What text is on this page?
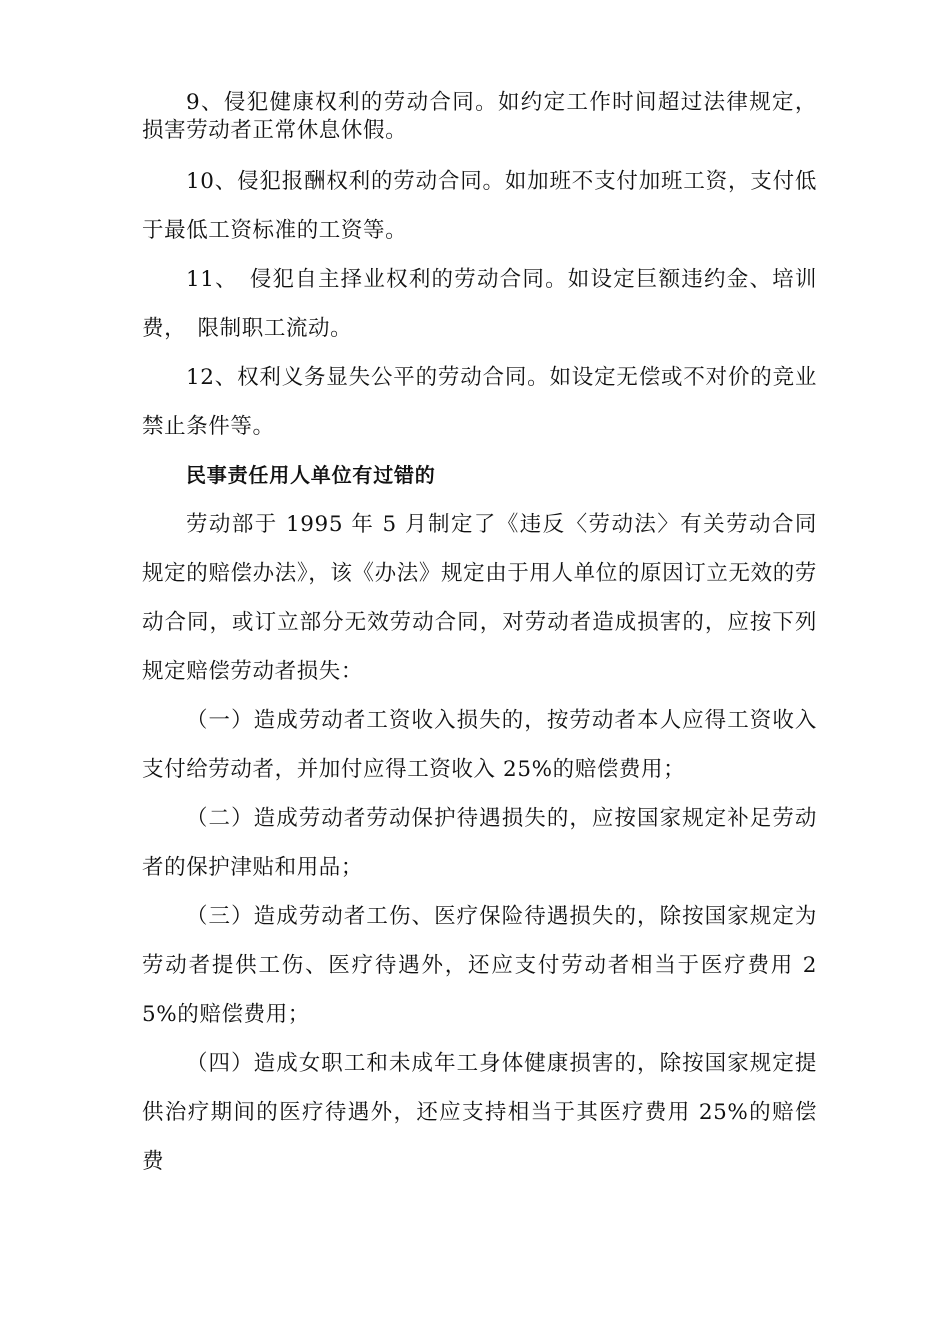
9、侵犯健康权利的劳动合同。如约定工作时间超过法律规定，损害劳动者正常休息休假。

10、侵犯报酬权利的劳动合同。如加班不支付加班工资，支付低于最低工资标准的工资等。

11、　侵犯自主择业权利的劳动合同。如设定巨额违约金、培训费，　限制职工流动。

12、权利义务显失公平的劳动合同。如设定无偿或不对价的竞业禁止条件等。

民事责任用人单位有过错的

劳动部于 1995 年 5 月制定了《违反〈劳动法〉有关劳动合同规定的赔偿办法》，该《办法》规定由于用人单位的原因订立无效的劳动合同，或订立部分无效劳动合同，对劳动者造成损害的，应按下列规定赔偿劳动者损失：

（一）造成劳动者工资收入损失的，按劳动者本人应得工资收入支付给劳动者，并加付应得工资收入 25%的赔偿费用；

（二）造成劳动者劳动保护待遇损失的，应按国家规定补足劳动者的保护津贴和用品；

（三）造成劳动者工伤、医疗保险待遇损失的，除按国家规定为劳动者提供工伤、医疗待遇外，还应支付劳动者相当于医疗费用 25%的赔偿费用；

（四）造成女职工和未成年工身体健康损害的，除按国家规定提供治疗期间的医疗待遇外，还应支持相当于其医疗费用 25%的赔偿费
